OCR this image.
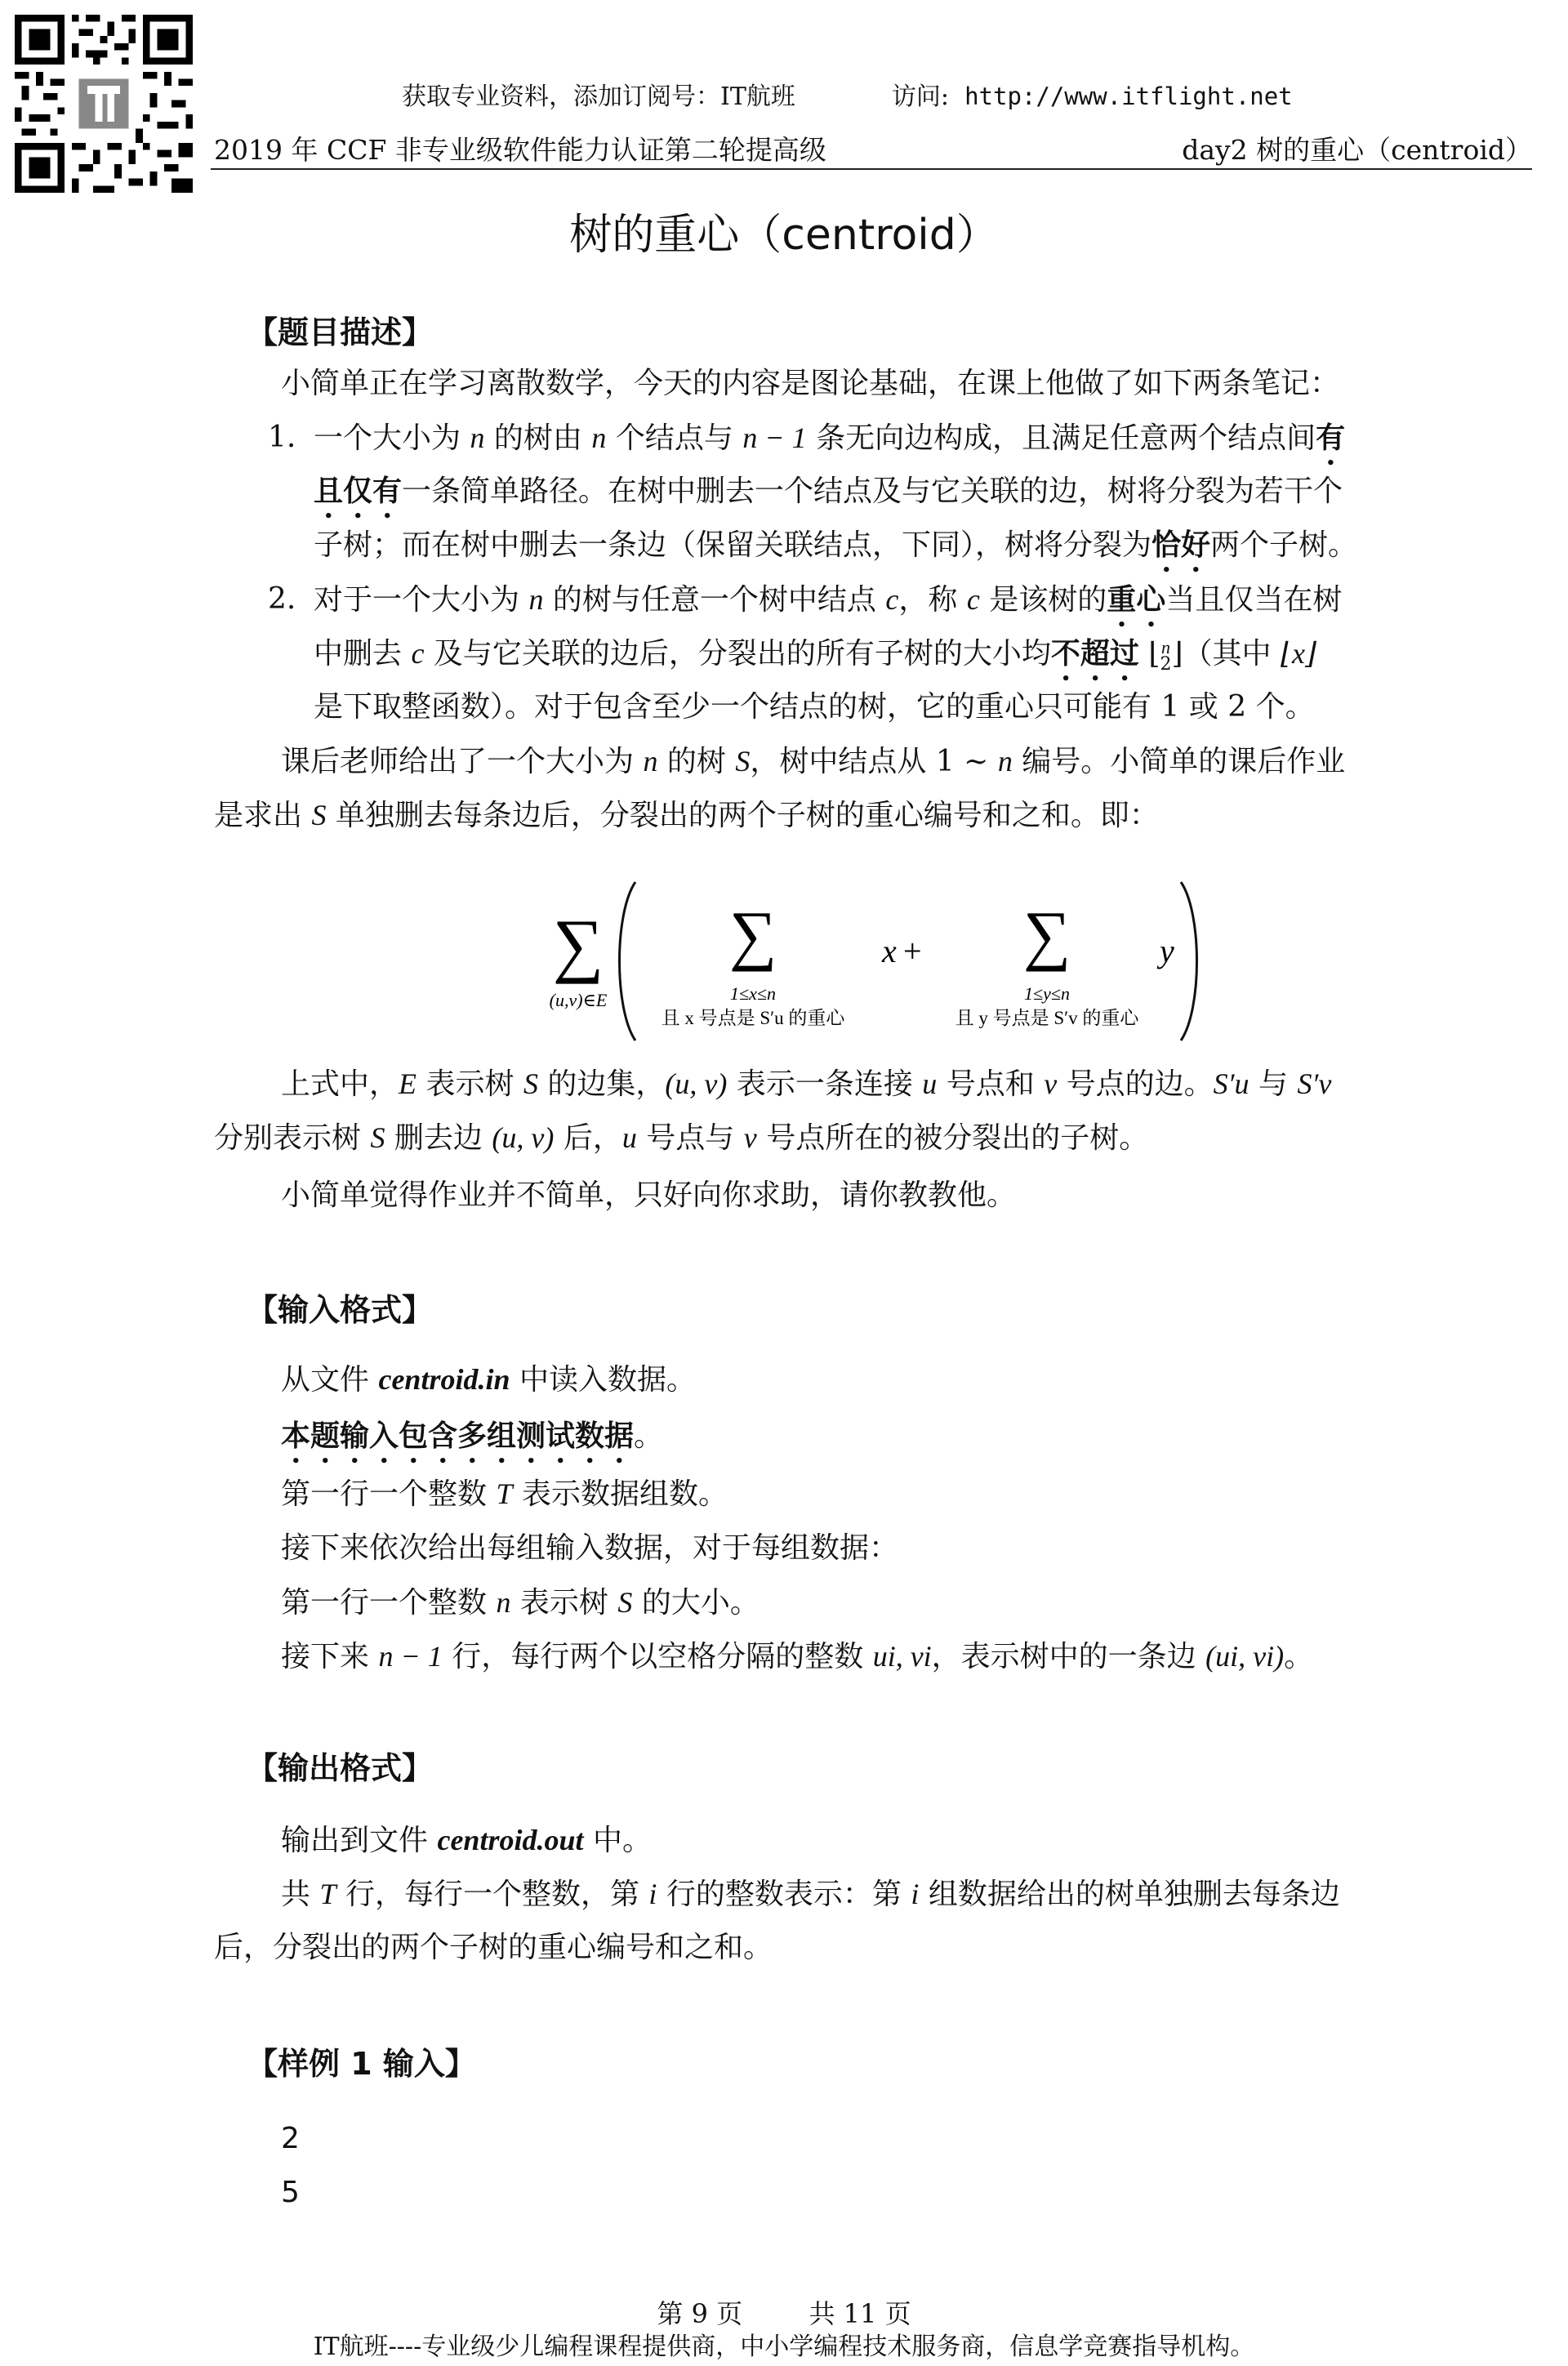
获取专业资料，添加订阅号：IT航班	访问: http://www.itflight.net
2019 年 CCF 非专业级软件能力认证第二轮提高级	day2 树的重心（centroid）
树的重心（centroid）
【题目描述】
小简单正在学习离散数学，今天的内容是图论基础，在课上他做了如下两条笔记：
1. 一个大小为 n 的树由 n 个结点与 n − 1 条无向边构成，且满足任意两个结点间有
且仅有一条简单路径。在树中删去一个结点及与它关联的边，树将分裂为若干个
子树；而在树中删去一条边（保留关联结点，下同），树将分裂为恰好两个子树。
2. 对于一个大小为 n 的树与任意一个树中结点 c，称 c 是该树的重心当且仅当在树
中删去 c 及与它关联的边后，分裂出的所有子树的大小均不超过 ⌊n
2⌋（其中 ⌊x⌋
是下取整函数）。对于包含至少一个结点的树，它的重心只可能有 1 或 2 个。
课后老师给出了一个大小为 n 的树 S，树中结点从 1 ∼ n 编号。小简单的课后作业
是求出 S 单独删去每条边后，分裂出的两个子树的重心编号和之和。即：
∑
(u,v)∈E
∑
1≤x≤n
且 x 号点是 S′u 的重心
x + ∑
1≤y≤n
且 y 号点是 S′v 的重心
y
上式中，E 表示树 S 的边集，(u, v) 表示一条连接 u 号点和 v 号点的边。S′u 与 S′v
分别表示树 S 删去边 (u, v) 后，u 号点与 v 号点所在的被分裂出的子树。
小简单觉得作业并不简单，只好向你求助，请你教教他。
【输入格式】
从文件 centroid.in 中读入数据。
本题输入包含多组测试数据。
第一行一个整数 T 表示数据组数。
接下来依次给出每组输入数据，对于每组数据：
第一行一个整数 n 表示树 S 的大小。
接下来 n − 1 行，每行两个以空格分隔的整数 ui, vi，表示树中的一条边 (ui, vi)。
【输出格式】
输出到文件 centroid.out 中。
共 T 行，每行一个整数，第 i 行的整数表示：第 i 组数据给出的树单独删去每条边
后，分裂出的两个子树的重心编号和之和。
【样例 1 输入】
2
5
第 9 页	共 11 页
IT航班----专业级少儿编程课程提供商，中小学编程技术服务商，信息学竞赛指导机构。
